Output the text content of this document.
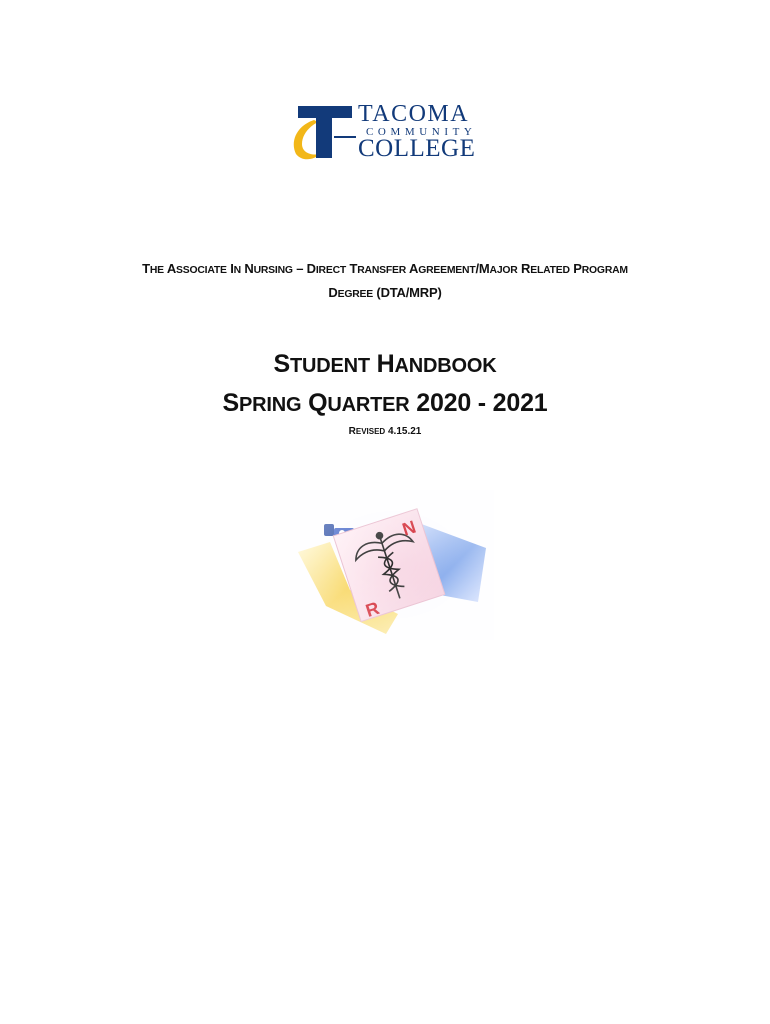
TACOMA
COMMUNITY
COLLEGE
THE ASSOCIATE IN NURSING – DIRECT TRANSFER AGREEMENT/MAJOR RELATED PROGRAM
DEGREE (DTA/MRP)
STUDENT HANDBOOK
SPRING QUARTER 2020 - 2021
REVISED 4.15.21
R
N
